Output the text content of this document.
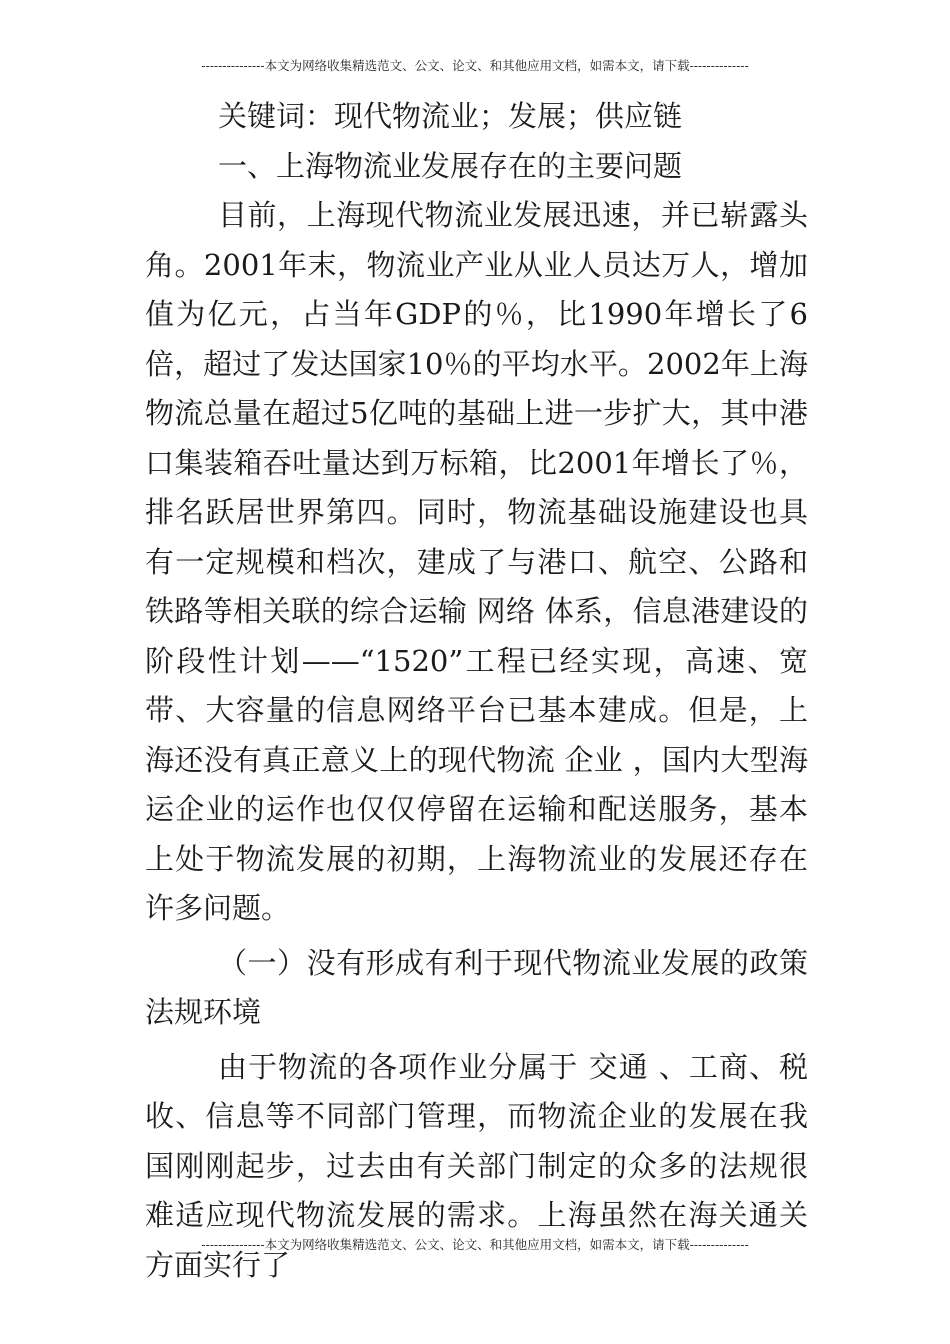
---------------本文为网络收集精选范文、公文、论文、和其他应用文档，如需本文，请下载--------------

关键词：现代物流业；发展；供应链

一、上海物流业发展存在的主要问题

目前，上海现代物流业发展迅速，并已崭露头角。2001年末，物流业产业从业人员达万人，增加值为亿元，占当年GDP的％，比1990年增长了6倍，超过了发达国家10％的平均水平。2002年上海物流总量在超过5亿吨的基础上进一步扩大，其中港口集装箱吞吐量达到万标箱，比2001年增长了％，排名跃居世界第四。同时，物流基础设施建设也具有一定规模和档次，建成了与港口、航空、公路和铁路等相关联的综合运输 网络 体系，信息港建设的阶段性计划——“1520”工程已经实现，高速、宽带、大容量的信息网络平台已基本建成。但是，上海还没有真正意义上的现代物流 企业 ，国内大型海运企业的运作也仅仅停留在运输和配送服务，基本上处于物流发展的初期，上海物流业的发展还存在许多问题。

（一）没有形成有利于现代物流业发展的政策法规环境

由于物流的各项作业分属于 交通 、工商、税收、信息等不同部门管理，而物流企业的发展在我国刚刚起步，过去由有关部门制定的众多的法规很难适应现代物流发展的需求。上海虽然在海关通关方面实行了

---------------本文为网络收集精选范文、公文、论文、和其他应用文档，如需本文，请下载--------------
